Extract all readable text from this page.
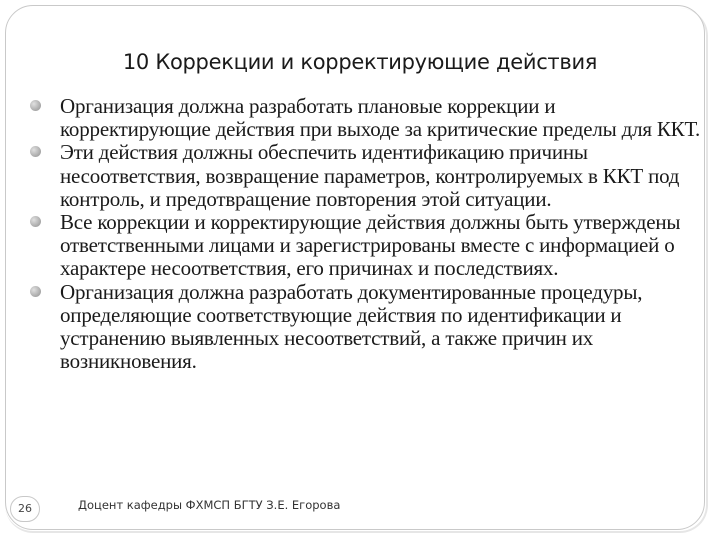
10 Коррекции и корректирующие действия
Организация должна разработать плановые коррекции и корректирующие действия при выходе за критические пределы для ККТ.
Эти действия должны обеспечить идентификацию причины несоответствия, возвращение параметров, контролируемых в ККТ под контроль, и предотвращение повторения этой ситуации.
Все коррекции и корректирующие действия должны быть утверждены ответственными лицами и зарегистрированы вместе с информацией о характере несоответствия, его причинах и последствиях.
Организация должна разработать документированные процедуры, определяющие соответствующие действия по идентификации и устранению выявленных несоответствий, а также причин их возникновения.
26	Доцент кафедры ФХМСП БГТУ З.Е. Егорова
